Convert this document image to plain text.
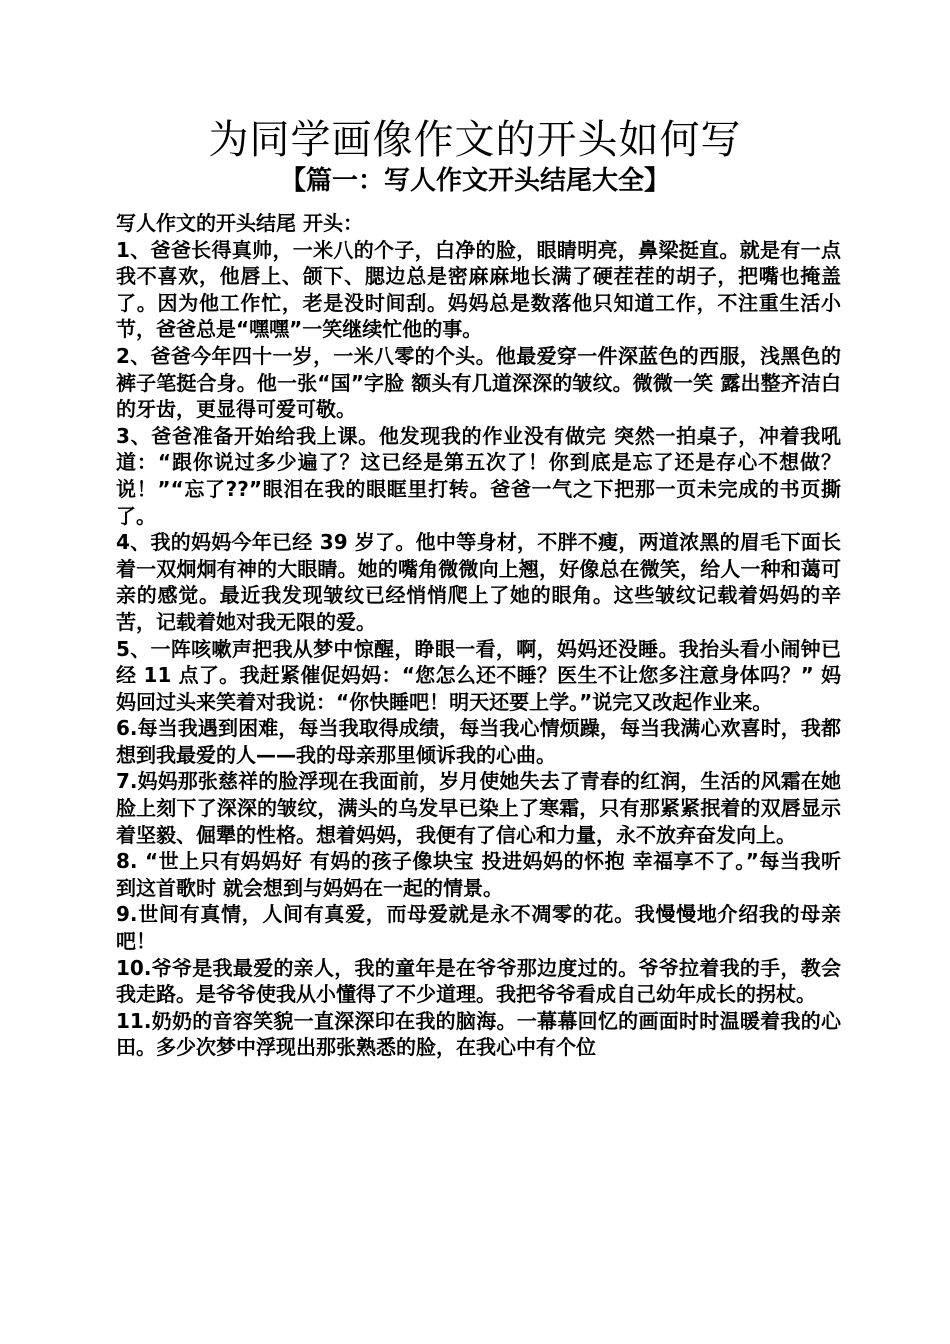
为同学画像作文的开头如何写
【篇一：写人作文开头结尾大全】

写人作文的开头结尾 开头：

1、爸爸长得真帅，一米八的个子，白净的脸，眼睛明亮，鼻梁挺直。就是有一点我不喜欢，他唇上、颌下、腮边总是密麻麻地长满了硬茬茬的胡子，把嘴也掩盖了。因为他工作忙，老是没时间刮。妈妈总是数落他只知道工作，不注重生活小节，爸爸总是“嘿嘿”一笑继续忙他的事。

2、爸爸今年四十一岁，一米八零的个头。他最爱穿一件深蓝色的西服，浅黑色的裤子笔挺合身。他一张“国”字脸 额头有几道深深的皱纹。微微一笑 露出整齐洁白的牙齿，更显得可爱可敬。

3、爸爸准备开始给我上课。他发现我的作业没有做完 突然一拍桌子，冲着我吼道：“跟你说过多少遍了？这已经是第五次了！你到底是忘了还是存心不想做？说！”“忘了??”眼泪在我的眼眶里打转。爸爸一气之下把那一页未完成的书页撕了。

4、我的妈妈今年已经 39 岁了。他中等身材，不胖不瘦，两道浓黑的眉毛下面长着一双炯炯有神的大眼睛。她的嘴角微微向上翘，好像总在微笑，给人一种和蔼可亲的感觉。最近我发现皱纹已经悄悄爬上了她的眼角。这些皱纹记载着妈妈的辛苦，记载着她对我无限的爱。

5、一阵咳嗽声把我从梦中惊醒，睁眼一看，啊，妈妈还没睡。我抬头看小闹钟已经 11 点了。我赶紧催促妈妈：“您怎么还不睡？医生不让您多注意身体吗？” 妈妈回过头来笑着对我说：“你快睡吧！明天还要上学。”说完又改起作业来。

6.每当我遇到困难，每当我取得成绩，每当我心情烦躁，每当我满心欢喜时，我都想到我最爱的人——我的母亲那里倾诉我的心曲。

7.妈妈那张慈祥的脸浮现在我面前，岁月使她失去了青春的红润，生活的风霜在她脸上刻下了深深的皱纹，满头的乌发早已染上了寒霜，只有那紧紧抿着的双唇显示着坚毅、倔犟的性格。想着妈妈，我便有了信心和力量，永不放弃奋发向上。

8. “世上只有妈妈好 有妈的孩子像块宝 投进妈妈的怀抱 幸福享不了。”每当我听到这首歌时 就会想到与妈妈在一起的情景。

9.世间有真情，人间有真爱，而母爱就是永不凋零的花。我慢慢地介绍我的母亲吧！

10.爷爷是我最爱的亲人，我的童年是在爷爷那边度过的。爷爷拉着我的手，教会我走路。是爷爷使我从小懂得了不少道理。我把爷爷看成自己幼年成长的拐杖。

11.奶奶的音容笑貌一直深深印在我的脑海。一幕幕回忆的画面时时温暖着我的心田。多少次梦中浮现出那张熟悉的脸，在我心中有个位
